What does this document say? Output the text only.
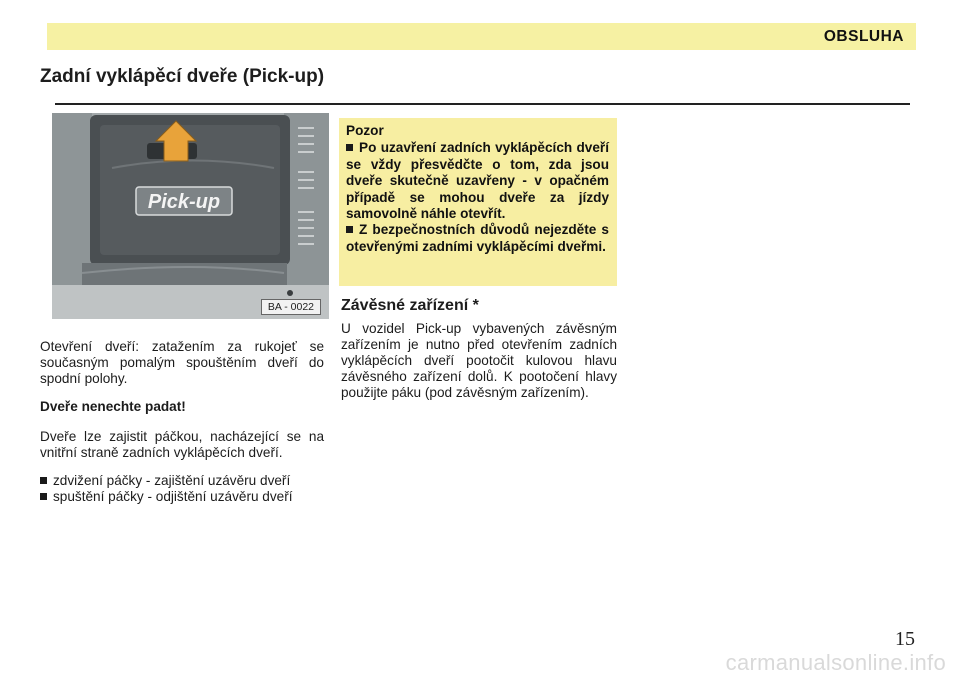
OBSLUHA
Zadní vyklápěcí dveře (Pick-up)
Pick-up
BA - 0022

Otevření dveří: zatažením za rukojeť se současným pomalým spouštěním dveří do spodní polohy.

Dveře nenechte padat!

Dveře lze zajistit páčkou, nacházející se na vnitřní straně zadních vyklápěcích dveří.

zdvižení páčky - zajištění uzávěru dveří
spuštění páčky - odjištění uzávěru dveří
Pozor

Po uzavření zadních vyklápěcích dveří se vždy přesvědčte o tom, zda jsou dveře skutečně uzavřeny - v opačném případě se mohou dveře za jízdy samovolně náhle otevřít.

Z bezpečnostních důvodů nejezděte s otevřenými zadními vyklápěcími dveřmi.

Závěsné zařízení *

U vozidel Pick-up vybavených závěsným zařízením je nutno před otevřením zadních vyklápěcích dveří pootočit kulovou hlavu závěsného zařízení dolů. K pootočení hlavy použijte páku (pod závěsným zařízením).

15
carmanualsonline.info
